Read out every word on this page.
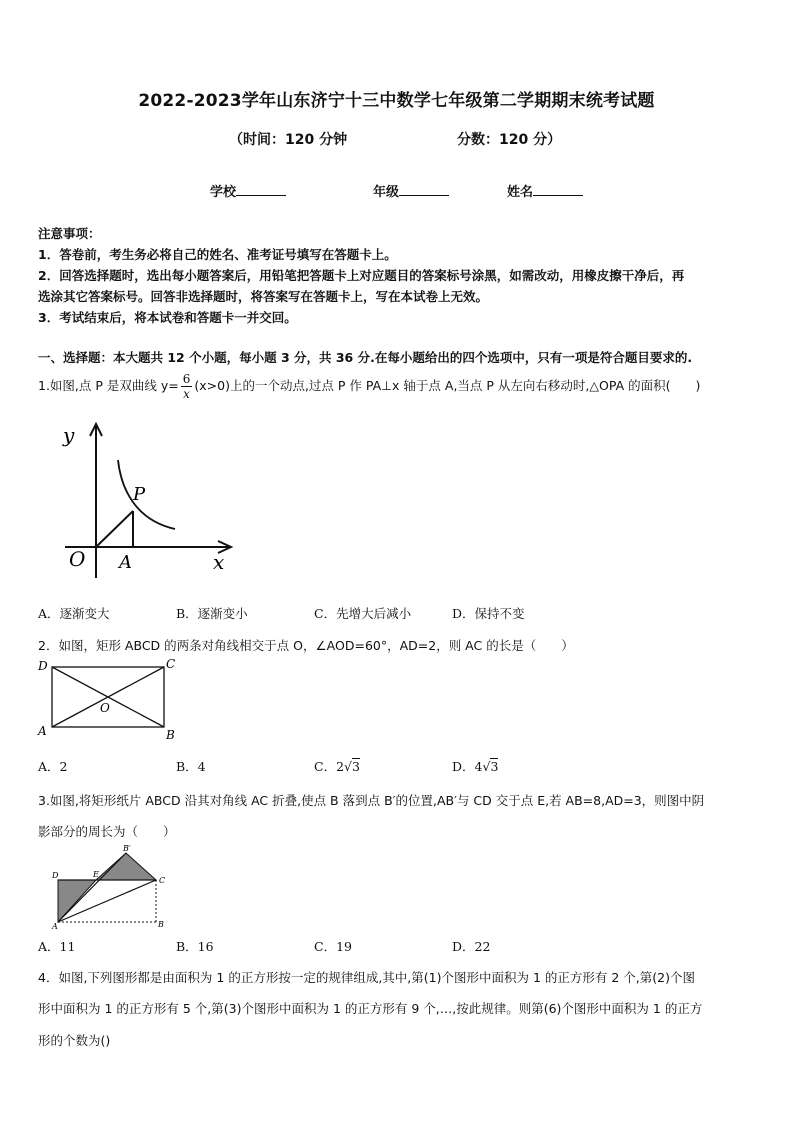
2022-2023学年山东济宁十三中数学七年级第二学期期末统考试题
（时间：120 分钟	分数：120 分）
学校	年级	姓名
注意事项：
1．答卷前，考生务必将自己的姓名、准考证号填写在答题卡上。
2．回答选择题时，选出每小题答案后，用铅笔把答题卡上对应题目的答案标号涂黑，如需改动，用橡皮擦干净后，再
选涂其它答案标号。回答非选择题时，将答案写在答题卡上，写在本试卷上无效。
3．考试结束后，将本试卷和答题卡一并交回。
一、选择题：本大题共 12 个小题，每小题 3 分，共 36 分.在每小题给出的四个选项中，只有一项是符合题目要求的.
1.如图,点 P 是双曲线 $y= \frac{6}{x} (x>0)$上的一个动点,过点 P 作 PA⊥x 轴于点 A,当点 P 从左向右移动时,△OPA 的面积(　　)
y
x
O A
P
A．逐渐变大	B．逐渐变小	C．先增大后减小	D．保持不变
2．如图，矩形 ABCD 的两条对角线相交于点 O，∠AOD=60°，AD=2，则 AC 的长是（　　）
D	C
A	B
O
A．2	B．4	C．2√3	D．4√3
3.如图,将矩形纸片 ABCD 沿其对角线 AC 折叠,使点 B 落到点 B′的位置,AB′与 CD 交于点 E,若 AB=8,AD=3，则图中阴
影部分的周长为（　　）
B′
D	E
C
A	B
A．11	B．16	C．19	D．22
4．如图,下列图形都是由面积为 1 的正方形按一定的规律组成,其中,第(1)个图形中面积为 1 的正方形有 2 个,第(2)个图
形中面积为 1 的正方形有 5 个,第(3)个图形中面积为 1 的正方形有 9 个,…,按此规律。则第(6)个图形中面积为 1 的正方
形的个数为()
